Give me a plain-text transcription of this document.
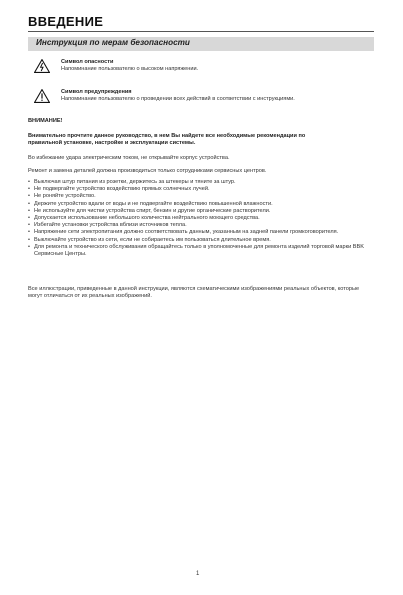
ВВЕДЕНИЕ
Инструкция по мерам безопасности
Символ опасности
Напоминание пользователю о высоком напряжении.
Символ предупреждения
Напоминание пользователю о проведении всех действий в соответствии с инструкциями.
ВНИМАНИЕ!
Внимательно прочтите данное руководство, в нем Вы найдете все необходимые рекомендации по правильной установке, настройке и эксплуатации системы.
Во избежание удара электрическим током, не открывайте корпус устройства.
Ремонт и замена деталей должна производиться только сотрудниками сервисных центров.
• Выключая штур питания из розетки, держитесь за штекеры и тяните за штур.
• Не подвергайте устройство воздействию прямых солнечных лучей.
• Не роняйте устройство.
• Держите устройство вдали от воды и не подвергайте воздействию повышенной влажности.
• Не используйте для чистки устройства спирт, бензин и другие органические растворители.
• Допускается использование небольшого количества нейтрального моющего средства.
• Избегайте установки устройства вблизи источников тепла.
• Напряжение сети электропитания должно соответствовать данным, указанным на задней панели громкоговорителя.
• Выключайте устройство из сети, если не собираетесь им пользоваться длительное время.
• Для ремонта и технического обслуживания обращайтесь только в уполномоченные для ремонта изделий торговой марки BBK Сервисные Центры.
Все иллюстрации, приведенные в данной инструкции, являются схематическими изображениями реальных объектов, которые могут отличаться от их реальных изображений.
1
